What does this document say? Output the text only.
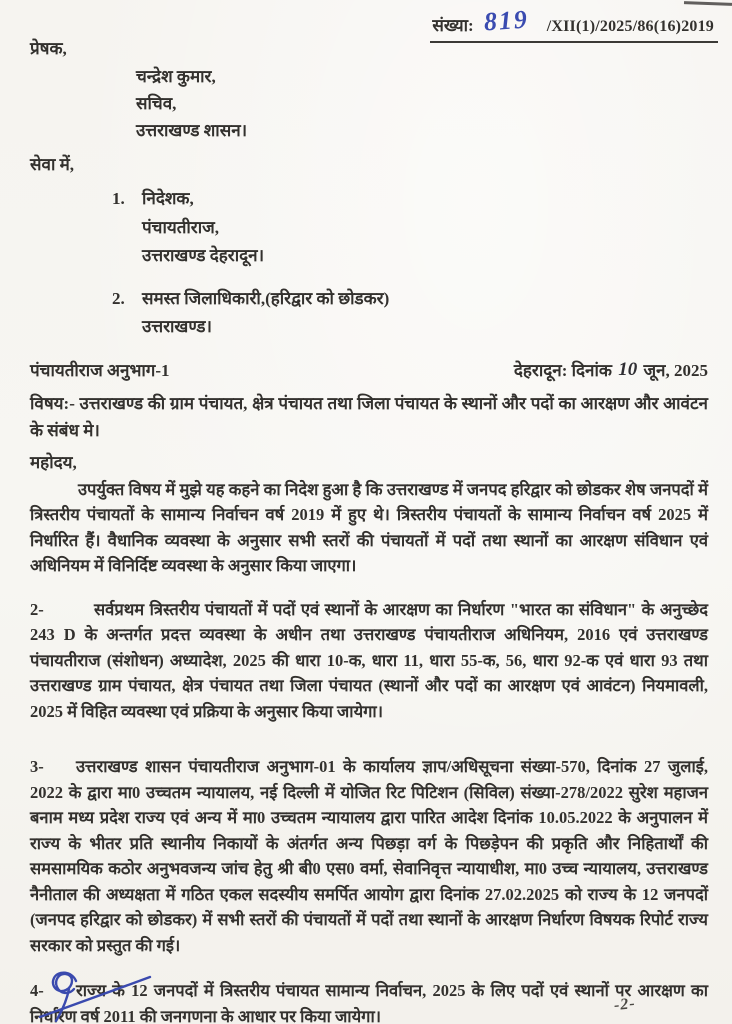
संख्या: 819 /XII(1)/2025/86(16)2019
प्रेषक,
चन्द्रेश कुमार,
सचिव,
उत्तराखण्ड शासन।
सेवा में,
1.	निदेशक,
पंचायतीराज,
उत्तराखण्ड देहरादून।
2.	समस्त जिलाधिकारी,(हरिद्वार को छोडकर)
उत्तराखण्ड।
पंचायतीराज अनुभाग-1	देहरादून: दिनांक 10 जून, 2025
विषय:- उत्तराखण्ड की ग्राम पंचायत, क्षेत्र पंचायत तथा जिला पंचायत के स्थानों और पदों का आरक्षण और आवंटन के संबंध मे।
महोदय,
उपर्युक्त विषय में मुझे यह कहने का निदेश हुआ है कि उत्तराखण्ड में जनपद हरिद्वार को छोडकर शेष जनपदों में त्रिस्तरीय पंचायतों के सामान्य निर्वाचन वर्ष 2019 में हुए थे। त्रिस्तरीय पंचायतों के सामान्य निर्वाचन वर्ष 2025 में निर्धारित हैं। वैधानिक व्यवस्था के अनुसार सभी स्तरों की पंचायतों में पदों तथा स्थानों का आरक्षण संविधान एवं अधिनियम में विनिर्दिष्ट व्यवस्था के अनुसार किया जाएगा।
2-	सर्वप्रथम त्रिस्तरीय पंचायतों में पदों एवं स्थानों के आरक्षण का निर्धारण "भारत का संविधान" के अनुच्छेद 243 D के अन्तर्गत प्रदत्त व्यवस्था के अधीन तथा उत्तराखण्ड पंचायतीराज अधिनियम, 2016 एवं उत्तराखण्ड पंचायतीराज (संशोधन) अध्यादेश, 2025 की धारा 10-क, धारा 11, धारा 55-क, 56, धारा 92-क एवं धारा 93 तथा उत्तराखण्ड ग्राम पंचायत, क्षेत्र पंचायत तथा जिला पंचायत (स्थानों और पदों का आरक्षण एवं आवंटन) नियमावली, 2025 में विहित व्यवस्था एवं प्रक्रिया के अनुसार किया जायेगा।
3- उत्तराखण्ड शासन पंचायतीराज अनुभाग-01 के कार्यालय ज्ञाप/अधिसूचना संख्या-570, दिनांक 27 जुलाई, 2022 के द्वारा मा0 उच्चतम न्यायालय, नई दिल्ली में योजित रिट पिटिशन (सिविल) संख्या-278/2022 सुरेश महाजन बनाम मध्य प्रदेश राज्य एवं अन्य में मा0 उच्चतम न्यायालय द्वारा पारित आदेश दिनांक 10.05.2022 के अनुपालन में राज्य के भीतर प्रति स्थानीय निकायों के अंतर्गत अन्य पिछड़ा वर्ग के पिछड़ेपन की प्रकृति और निहितार्थों की समसामयिक कठोर अनुभवजन्य जांच हेतु श्री बी0 एस0 वर्मा, सेवानिवृत्त न्यायाधीश, मा0 उच्च न्यायालय, उत्तराखण्ड नैनीताल की अध्यक्षता में गठित एकल सदस्यीय समर्पित आयोग द्वारा दिनांक 27.02.2025 को राज्य के 12 जनपदों (जनपद हरिद्वार को छोडकर) में सभी स्तरों की पंचायतों में पदों तथा स्थानों के आरक्षण निर्धारण विषयक रिपोर्ट राज्य सरकार को प्रस्तुत की गई।
4- राज्य के 12 जनपदों में त्रिस्तरीय पंचायत सामान्य निर्वाचन, 2025 के लिए पदों एवं स्थानों पर आरक्षण का निर्धारण वर्ष 2011 की जनगणना के आधार पर किया जायेगा।
-2-
